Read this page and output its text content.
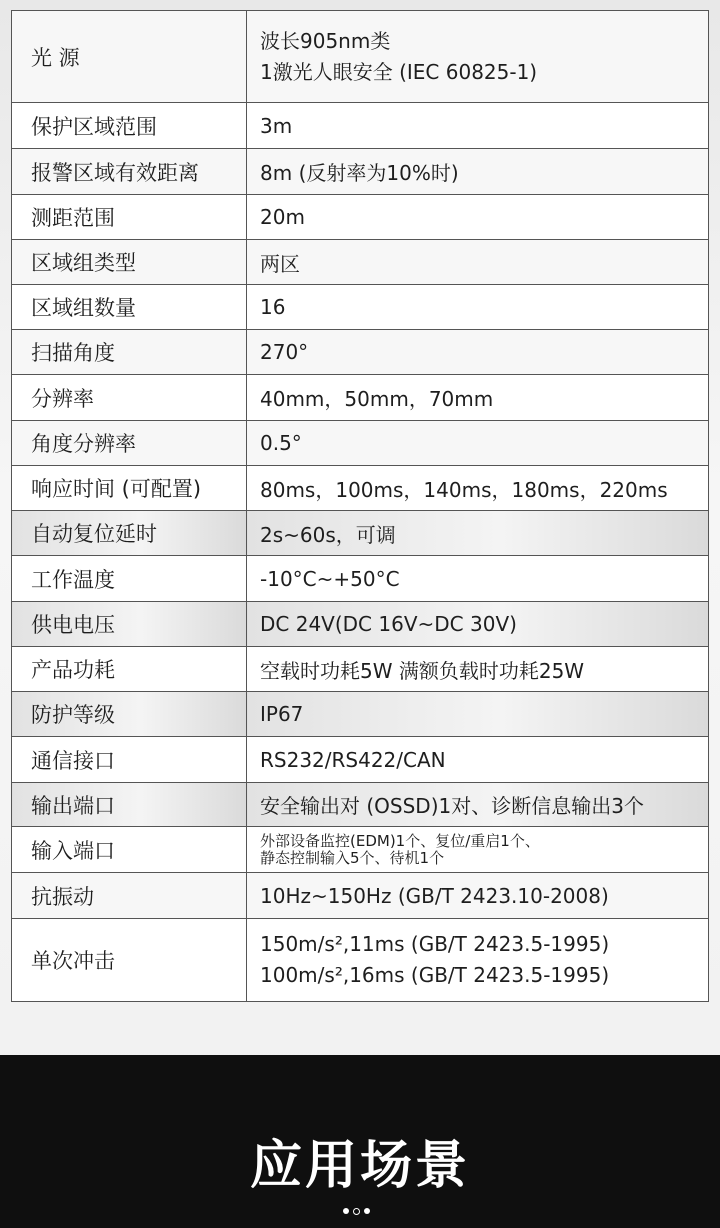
光 源	波长905nm类
1激光人眼安全 (IEC 60825-1)

保护区域范围	3m
报警区域有效距离	8m (反射率为10%时)
测距范围	20m
区域组类型	两区
区域组数量	16
扫描角度	270°
分辨率	40mm，50mm，70mm
角度分辨率	0.5°
响应时间 (可配置)	80ms，100ms，140ms，180ms，220ms
自动复位延时	2s~60s，可调
工作温度	-10°C~+50°C
供电电压	DC 24V(DC 16V~DC 30V)
产品功耗	空载时功耗5W 满额负载时功耗25W
防护等级	IP67
通信接口	RS232/RS422/CAN
输出端口	安全输出对 (OSSD)1对、诊断信息输出3个
输入端口	外部设备监控(EDM)1个、复位/重启1个、
静态控制输入5个、待机1个

抗振动	10Hz~150Hz (GB/T 2423.10-2008)
单次冲击	150m/s²,11ms (GB/T 2423.5-1995)
100m/s²,16ms (GB/T 2423.5-1995)
应用场景
